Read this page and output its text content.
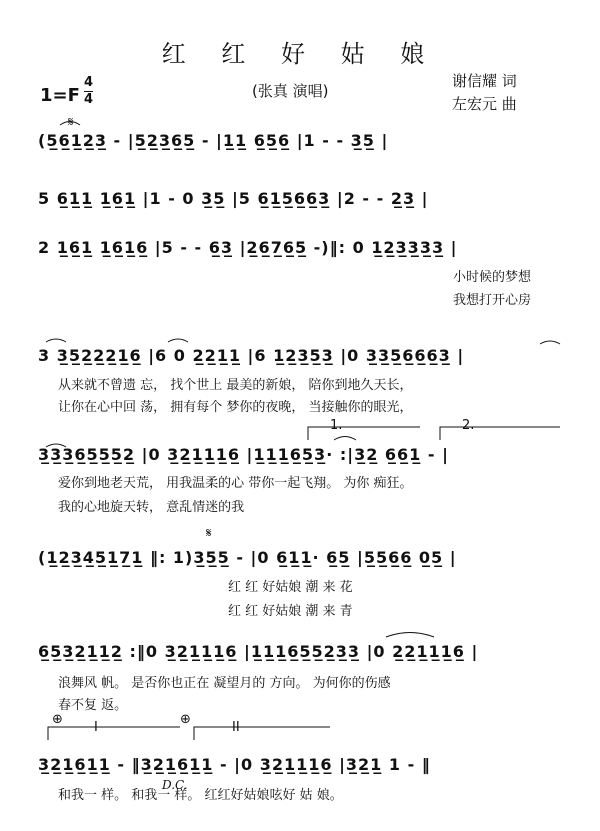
红 红 好 姑 娘
1=F
4
4	(张真 演唱)
谢信耀 词
左宏元 曲
𝄋
𝄋
⊕	⊕
1.	2.
I	II
D.C.
(5̲6̲1̲2̲3̲ - |5̲2̲3̲6̲5̲ - |1̲1̲ 6̲5̲6̲ |1 - - 3̲5̲ |
5 6̲1̲1̲ 1̲6̲1̲ |1 - 0 3̲5̲ |5 6̲1̲5̲6̲6̲3̲ |2 - - 2̲3̲ |
2 1̲6̲1̲ 1̲6̲1̲6̲ |5 - - 6̲3̲ |2̲6̲7̲6̲5̲ -)‖: 0 1̲2̲3̲3̲3̲3̲ |
小时候的梦想
我想打开心房
3 3̲5̲2̲2̲2̲1̲6̲ |6 0 2̲2̲1̲1̲ |6 1̲2̲3̲5̲3̲ |0 3̲3̲5̲6̲6̲6̲3̲ |
从来就不曾遗 忘， 找个世上 最美的新娘， 陪你到地久天长，
让你在心中回 荡， 拥有每个 梦你的夜晚， 当接触你的眼光，
3̲3̲3̲6̲5̲5̲5̲2̲ |0 3̲2̲1̲1̲1̲6̲ |1̲1̲1̲6̲5̲3̲· :|3̲2̲ 6̲6̲1̲ - |
爱你到地老天荒， 用我温柔的心 带你一起飞翔。 为你 痴狂。
我的心地旋天转， 意乱情迷的我
(1̲2̲3̲4̲5̲1̲7̲1̲ ‖: 1)3̲5̲5̲ - |0 6̲1̲1̲· 6̲5̲ |5̲5̲6̲6̲ 0̲5̲ |
红 红 好姑娘 潮 来 花
红 红 好姑娘 潮 来 青
6̲5̲3̲2̲1̲1̲2̲ :‖0 3̲2̲1̲1̲1̲6̲ |1̲1̲1̲6̲5̲5̲2̲3̲3̲ |0 2̲2̲1̲1̲1̲6̲ |
浪舞风 帆。 是否你也正在 凝望月的 方向。 为何你的伤感
春不复 返。
3̲2̲1̲6̲1̲1̲ - ‖3̲2̲1̲6̲1̲1̲ - |0 3̲2̲1̲1̲1̲6̲ |3̲2̲1̲ 1 - ‖
和我一 样。 和我一 样。 红红好姑娘呟好 姑 娘。
